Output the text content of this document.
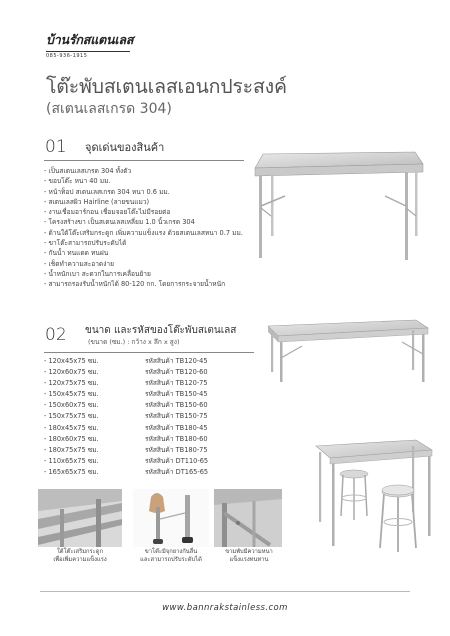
บ้านรักสแตนเลส
085-936-1915
โต๊ะพับสเตนเลสเอนกประสงค์
(สเตนเลสเกรด 304)
01 จุดเด่นของสินค้า
- เป็นสเตนเลสเกรด 304 ทั้งตัว
- ขอบโต๊ะ หนา 40 มม.
- หน้าท็อป สเตนเลสเกรด 304 หนา 0.6 มม.
- สเตนเลสผิว Hairline (ลายขนแมว)
- งานเชื่อมอาร์กอน เชื่อมจอยโต๊ะไม่มีรอยต่อ
- โครงสร้างขา เป็นสเตนเลสเหลี่ยม 1.0 นิ้วเกรด 304
- ด้านใต้โต๊ะเสริมกระดูก เพิ่มความแข็งแรง ด้วยสเตนเลสหนา 0.7 มม.
- ขาโต๊ะสามารถปรับระดับได้
- กันน้ำ ทนแดด ทนฝน
- เช็ดทำความสะอาดง่าย
- น้ำหนักเบา สะดวกในการเคลื่อนย้าย
- สามารถรองรับน้ำหนักได้ 80-120 กก. โดยการกระจายน้ำหนัก
02 ขนาด และรหัสของโต๊ะพับสเตนเลส
(ขนาด (ซม.) : กว้าง x ลึก x สูง)
- 120x45x75 ซม.	รหัสสินค้า TB120-45
- 120x60x75 ซม.	รหัสสินค้า TB120-60
- 120x75x75 ซม.	รหัสสินค้า TB120-75
- 150x45x75 ซม.	รหัสสินค้า TB150-45
- 150x60x75 ซม.	รหัสสินค้า TB150-60
- 150x75x75 ซม.	รหัสสินค้า TB150-75
- 180x45x75 ซม.	รหัสสินค้า TB180-45
- 180x60x75 ซม.	รหัสสินค้า TB180-60
- 180x75x75 ซม.	รหัสสินค้า TB180-75
- 110x65x75 ซม.	รหัสสินค้า DT110-65
- 165x65x75 ซม.	รหัสสินค้า DT165-65
ใต้โต๊ะเสริมกระดูก
เพื่อเพิ่มความแข็งแรง
ขาโต๊ะมีจุกยางกันลื่น
และสามารถปรับระดับได้
ขามพับมีความหนา
แข็งแรงทนทาน
www.bannrakstainless.com
